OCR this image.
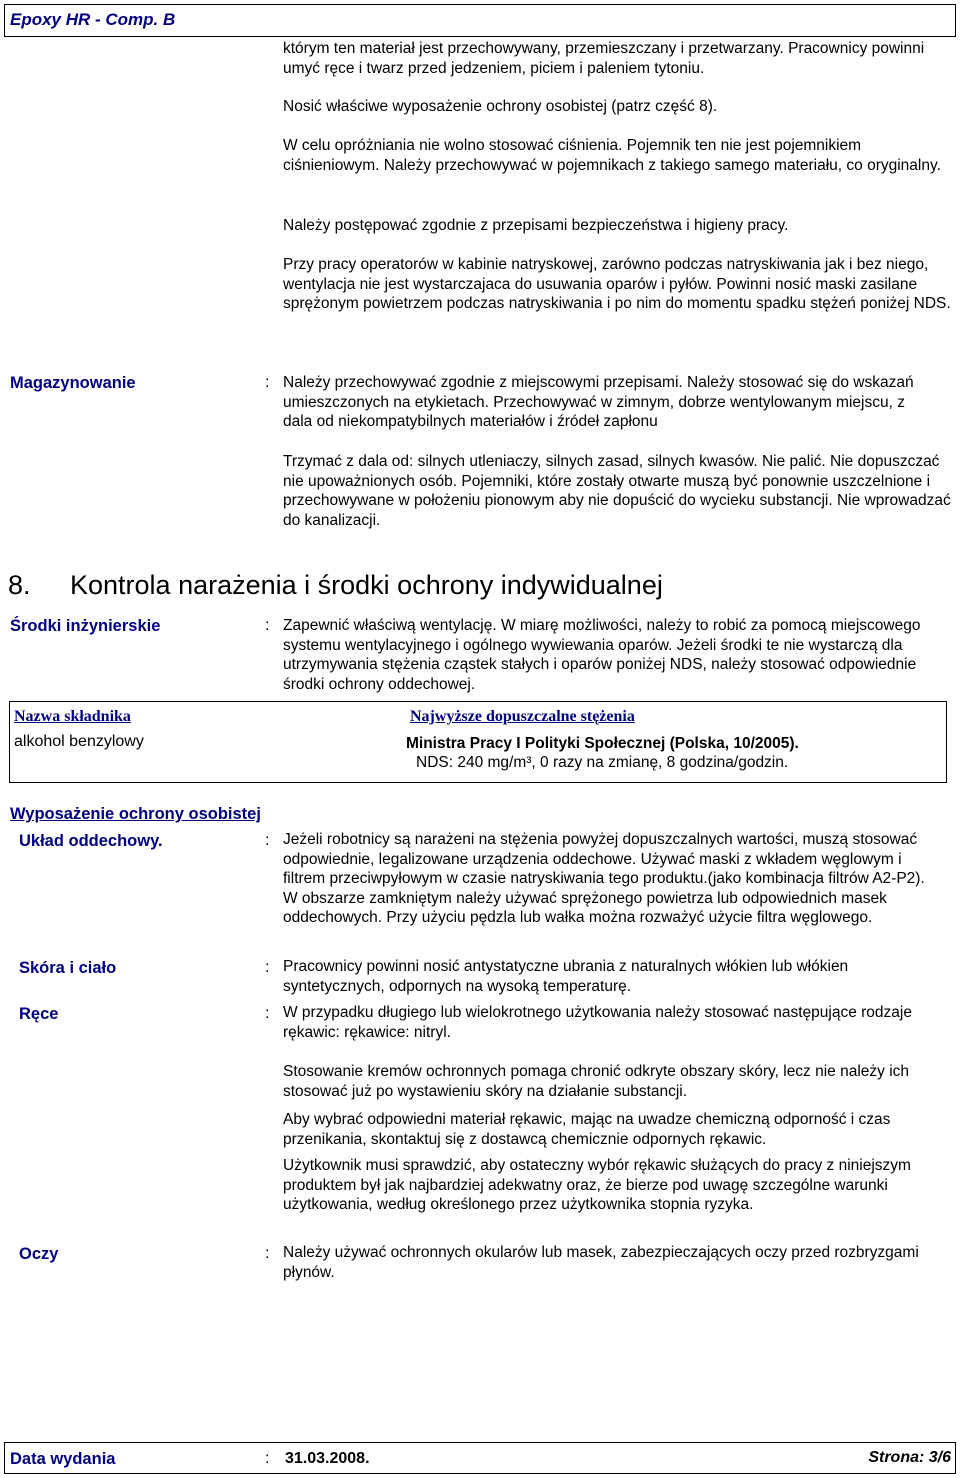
Epoxy HR - Comp. B
którym ten materiał jest przechowywany, przemieszczany i przetwarzany. Pracownicy powinni umyć ręce i twarz przed jedzeniem, piciem i paleniem tytoniu.
Nosić właściwe wyposażenie ochrony osobistej (patrz część 8).
W celu opróżniania nie wolno stosować ciśnienia. Pojemnik ten nie jest pojemnikiem ciśnieniowym. Należy przechowywać w pojemnikach z takiego samego materiału, co oryginalny.
Należy postępować zgodnie z przepisami bezpieczeństwa i higieny pracy.
Przy pracy operatorów w kabinie natryskowej, zarówno podczas natryskiwania jak i bez niego, wentylacja nie jest wystarczajaca do usuwania oparów i pyłów. Powinni nosić maski zasilane sprężonym powietrzem podczas natryskiwania i po nim do momentu spadku stężeń poniżej NDS.
Magazynowanie	: Należy przechowywać zgodnie z miejscowymi przepisami. Należy stosować się do wskazań umieszczonych na etykietach. Przechowywać w zimnym, dobrze wentylowanym miejscu, z dala od niekompatybilnych materiałów i źródeł zapłonu
Trzymać z dala od: silnych utleniaczy, silnych zasad, silnych kwasów. Nie palić. Nie dopuszczać nie upoważnionych osób. Pojemniki, które zostały otwarte muszą być ponownie uszczelnione i przechowywane w położeniu pionowym aby nie dopuścić do wycieku substancji. Nie wprowadzać do kanalizacji.
8. Kontrola narażenia i środki ochrony indywidualnej
Środki inżynierskie	: Zapewnić właściwą wentylację. W miarę możliwości, należy to robić za pomocą miejscowego systemu wentylacyjnego i ogólnego wywiewania oparów. Jeżeli środki te nie wystarczą dla utrzymywania stężenia cząstek stałych i oparów poniżej NDS, należy stosować odpowiednie środki ochrony oddechowej.
Nazwa składnika	Najwyższe dopuszczalne stężenia
alkohol benzylowy	Ministra Pracy I Polityki Społecznej (Polska, 10/2005).
NDS: 240 mg/m³, 0 razy na zmianę, 8 godzina/godzin.
Wyposażenie ochrony osobistej
Układ oddechowy.	: Jeżeli robotnicy są narażeni na stężenia powyżej dopuszczalnych wartości, muszą stosować odpowiednie, legalizowane urządzenia oddechowe. Używać maski z wkładem węglowym i filtrem przeciwpyłowym w czasie natryskiwania tego produktu.(jako kombinacja filtrów A2-P2). W obszarze zamkniętym należy używać sprężonego powietrza lub odpowiednich masek oddechowych. Przy użyciu pędzla lub wałka można rozważyć użycie filtra węglowego.
Skóra i ciało	: Pracownicy powinni nosić antystatyczne ubrania z naturalnych włókien lub włókien syntetycznych, odpornych na wysoką temperaturę.
Ręce	: W przypadku długiego lub wielokrotnego użytkowania należy stosować następujące rodzaje rękawic: rękawice: nitryl.
Stosowanie kremów ochronnych pomaga chronić odkryte obszary skóry, lecz nie należy ich stosować już po wystawieniu skóry na działanie substancji.
Aby wybrać odpowiedni materiał rękawic, mając na uwadze chemiczną odporność i czas przenikania, skontaktuj się z dostawcą chemicznie odpornych rękawic.
Użytkownik musi sprawdzić, aby ostateczny wybór rękawic służących do pracy z niniejszym produktem był jak najbardziej adekwatny oraz, że bierze pod uwagę szczególne warunki użytkowania, według określonego przez użytkownika stopnia ryzyka.
Oczy	: Należy używać ochronnych okularów lub masek, zabezpieczających oczy przed rozbryzgami płynów.
Data wydania	: 31.03.2008.	Strona: 3/6
